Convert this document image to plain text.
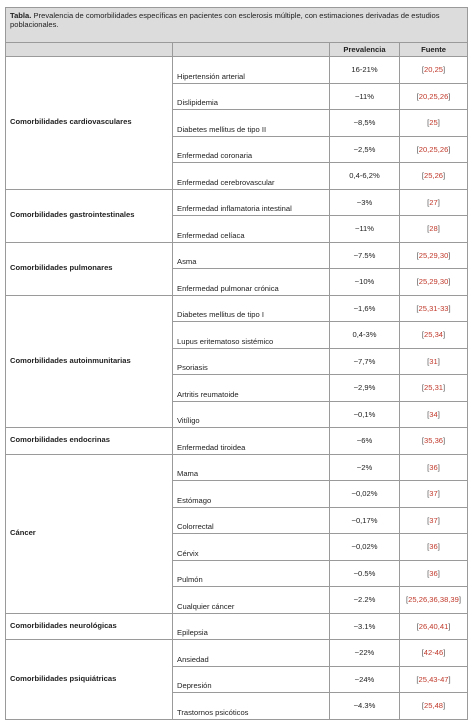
Tabla. Prevalencia de comorbilidades específicas en pacientes con esclerosis múltiple, con estimaciones derivadas de estudios poblacionales.			
		Prevalencia	Fuente
Comorbilidades cardiovasculares	Hipertensión arterial	16-21%	[20,25]
	Dislipidemia	~11%	[20,25,26]
	Diabetes mellitus de tipo II	~8,5%	[25]
	Enfermedad coronaria	~2,5%	[20,25,26]
	Enfermedad cerebrovascular	0,4-6,2%	[25,26]
Comorbilidades gastrointestinales	Enfermedad inflamatoria intestinal	~3%	[27]
	Enfermedad celíaca	~11%	[28]
Comorbilidades pulmonares	Asma	~7.5%	[25,29,30]
	Enfermedad pulmonar crónica	~10%	[25,29,30]
Comorbilidades autoinmunitarias	Diabetes mellitus de tipo I	~1,6%	[25,31-33]
	Lupus eritematoso sistémico	0,4-3%	[25,34]
	Psoriasis	~7,7%	[31]
	Artritis reumatoide	~2,9%	[25,31]
	Vitíligo	~0,1%	[34]
Comorbilidades endocrinas	Enfermedad tiroidea	~6%	[35,36]
Cáncer	Mama	~2%	[36]
	Estómago	~0,02%	[37]
	Colorrectal	~0,17%	[37]
	Cérvix	~0,02%	[36]
	Pulmón	~0.5%	[36]
	Cualquier cáncer	~2.2%	[25,26,36,38,39]
Comorbilidades neurológicas	Epilepsia	~3.1%	[26,40,41]
Comorbilidades psiquiátricas	Ansiedad	~22%	[42-46]
	Depresión	~24%	[25,43-47]
	Trastornos psicóticos	~4.3%	[25,48]
